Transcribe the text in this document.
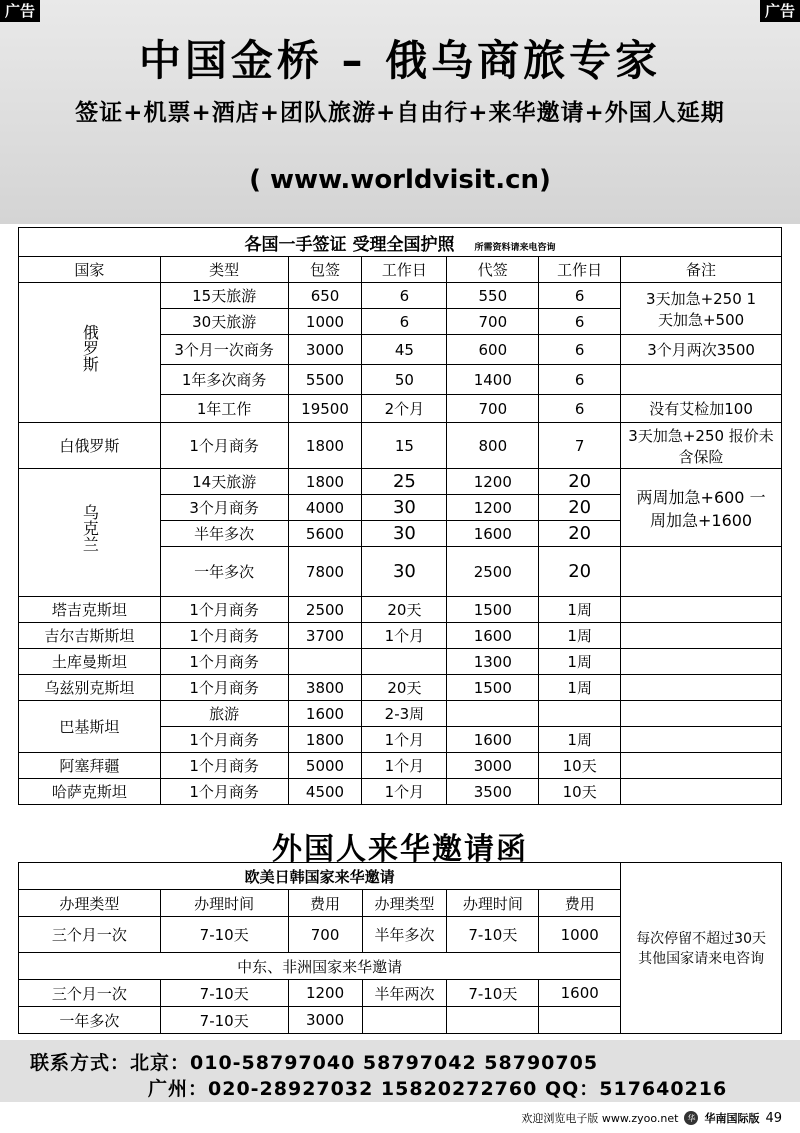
中国金桥 – 俄乌商旅专家
签证+机票+酒店+团队旅游+自由行+来华邀请+外国人延期
( www.worldvisit.cn)
广告	广告
各国一手签证 受理全国护照 所需资料请来电咨询						
国家	类型	包签	工作日	代签	工作日	备注
俄罗斯	15天旅游	650	6	550	6	3天加急+250 1天加急+500
	30天旅游	1000	6	700	6	
	3个月一次商务	3000	45	600	6	3个月两次3500
	1年多次商务	5500	50	1400	6	
	1年工作	19500	2个月	700	6	没有艾检加100
白俄罗斯	1个月商务	1800	15	800	7	3天加急+250 报价未含保险
乌克兰	14天旅游	1800	25	1200	20	两周加急+600 一周加急+1600
	3个月商务	4000	30	1200	20	
	半年多次	5600	30	1600	20	
	一年多次	7800	30	2500	20	
塔吉克斯坦	1个月商务	2500	20天	1500	1周	
吉尔吉斯斯坦	1个月商务	3700	1个月	1600	1周	
土库曼斯坦	1个月商务			1300	1周	
乌兹别克斯坦	1个月商务	3800	20天	1500	1周	
巴基斯坦	旅游	1600	2-3周			
	1个月商务	1800	1个月	1600	1周	
阿塞拜疆	1个月商务	5000	1个月	3000	10天	
哈萨克斯坦	1个月商务	4500	1个月	3500	10天	
外国人来华邀请函
欧美日韩国家来华邀请						每次停留不超过30天 其他国家请来电咨询
办理类型	办理时间	费用	办理类型	办理时间	费用	
三个月一次	7-10天	700	半年多次	7-10天	1000	
中东、非洲国家来华邀请						
三个月一次	7-10天	1200	半年两次	7-10天	1600	
一年多次	7-10天	3000				
联系方式：北京：010-58797040 58797042 58790705
广州：020-28927032 15820272760 QQ：517640216
欢迎浏览电子版 www.zyoo.net	华 华南国际版 49
